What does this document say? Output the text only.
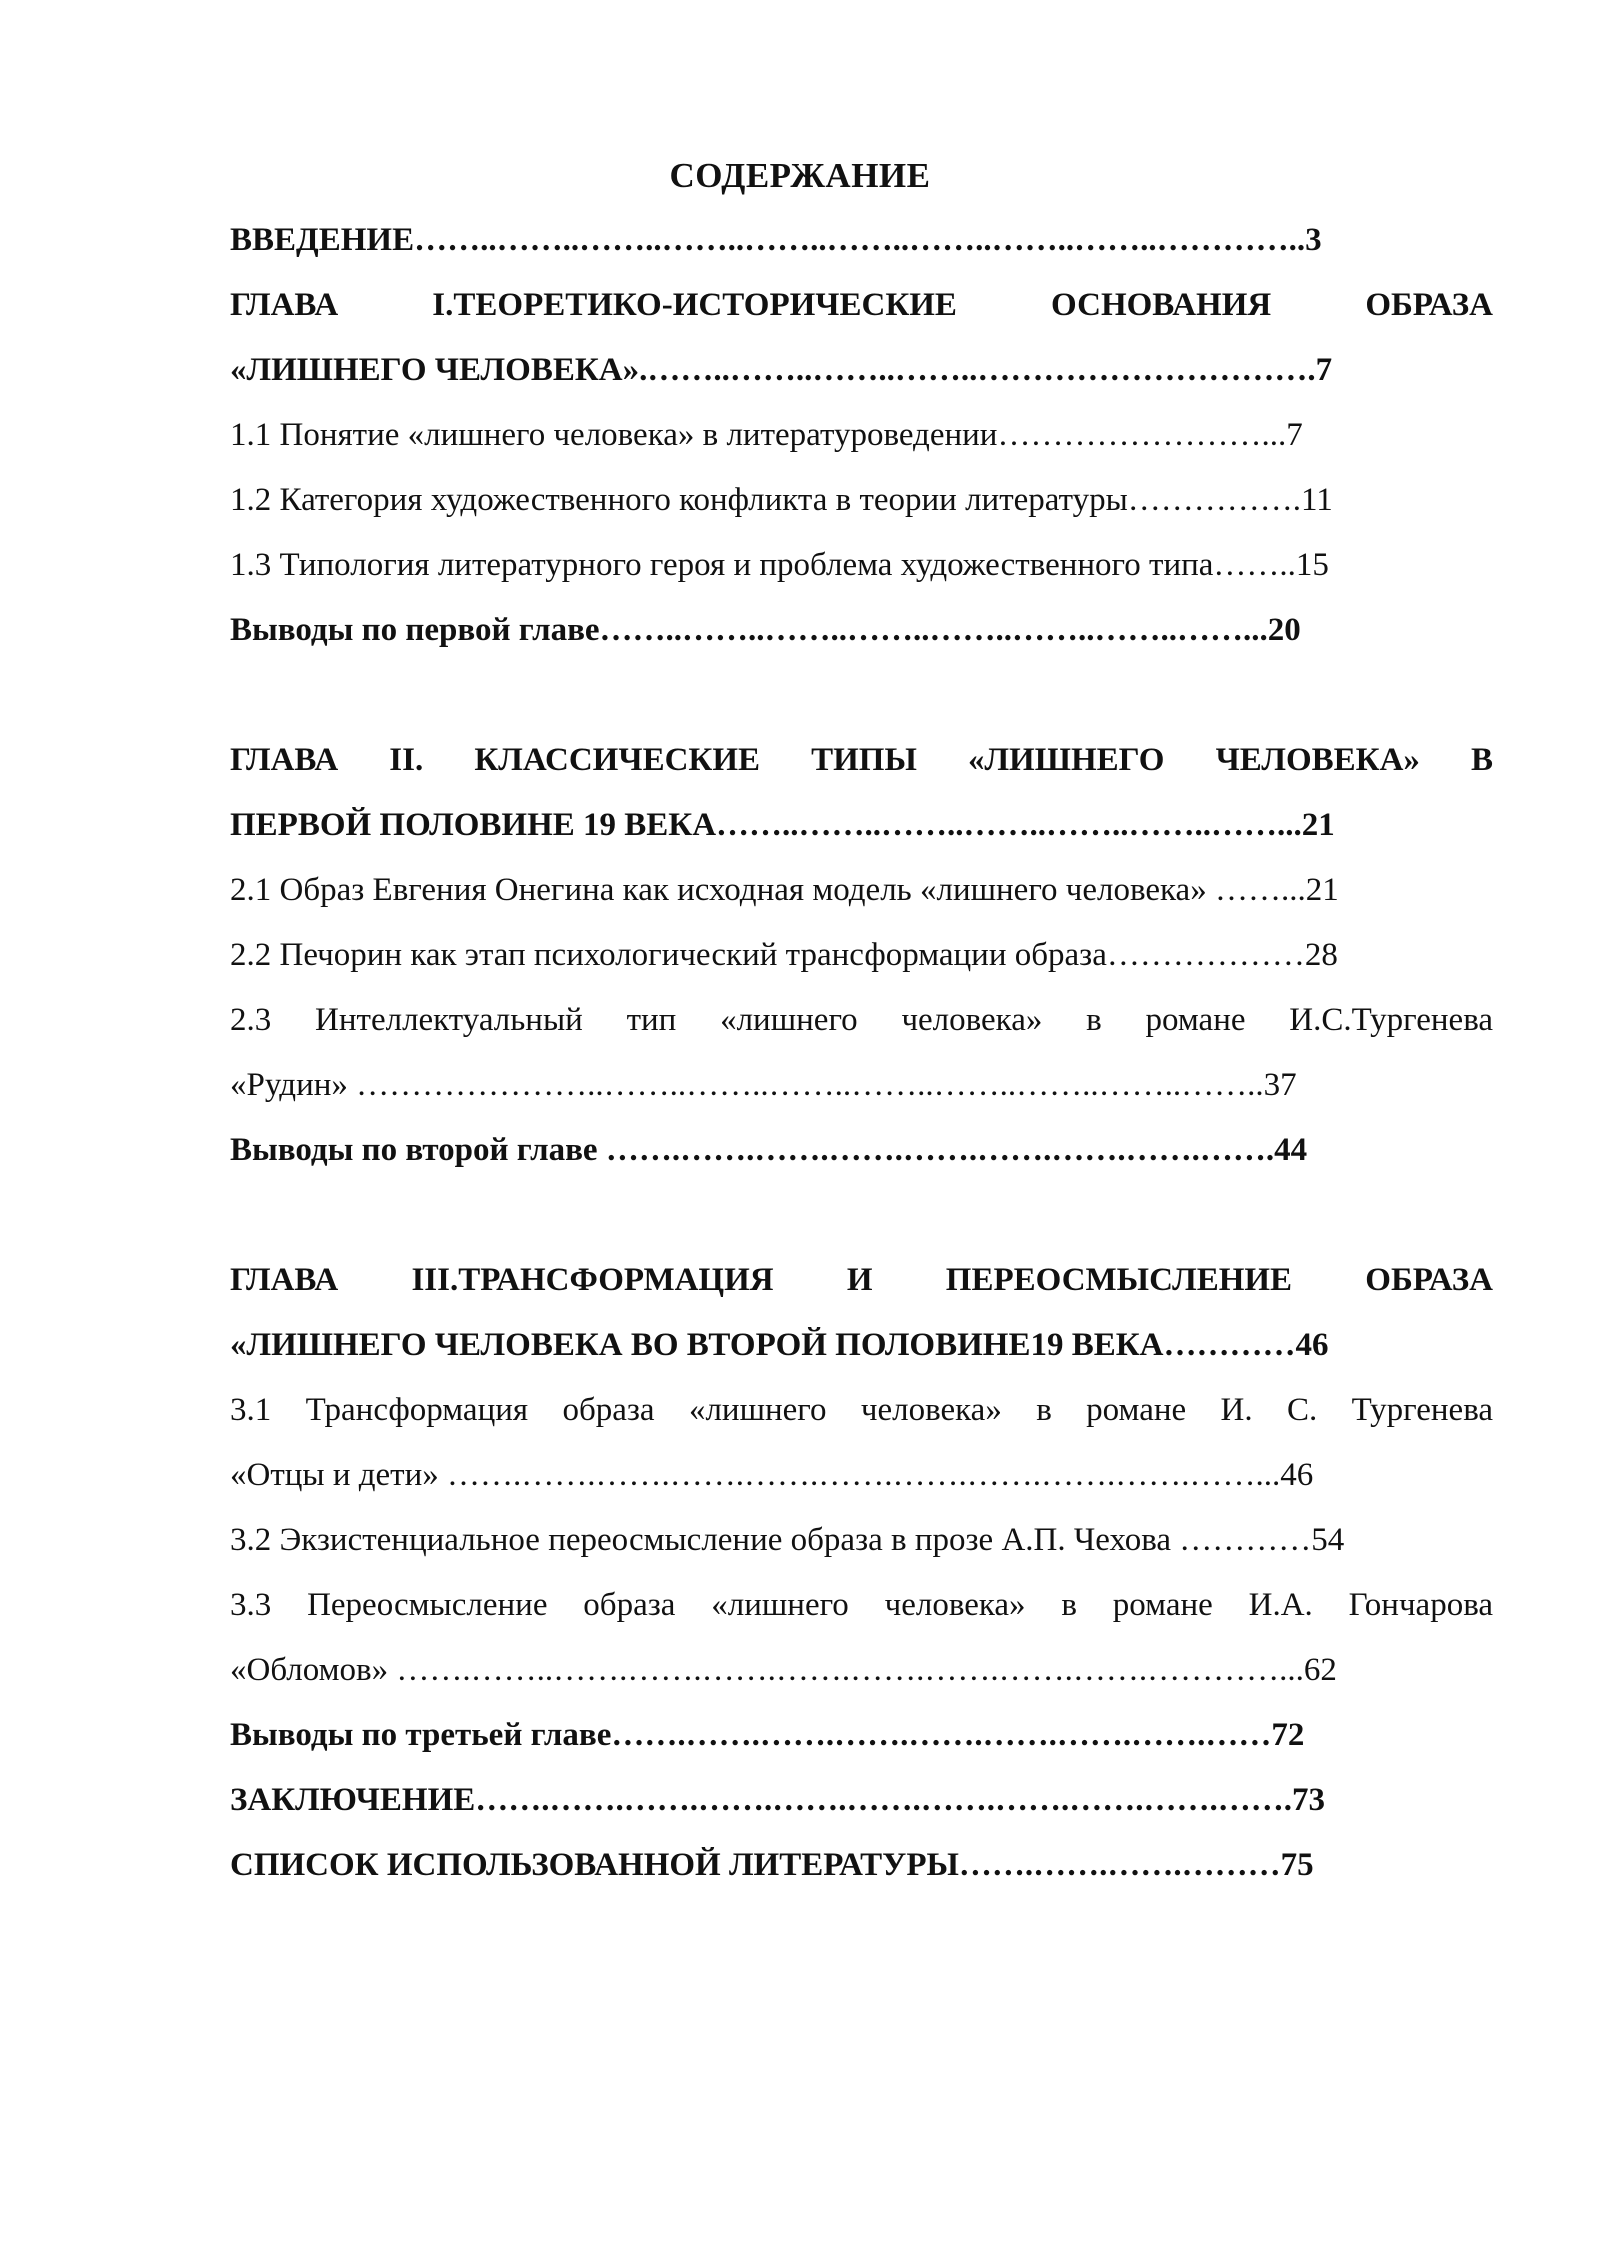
СОДЕРЖАНИЕ
ВВЕДЕНИЕ……..……..……..……..……..……..……..……..……..…………..3
ГЛАВА I.ТЕОРЕТИКО-ИСТОРИЧЕСКИЕ ОСНОВАНИЯ ОБРАЗА
«ЛИШНЕГО ЧЕЛОВЕКА».……..……..……..……..………………………….7
1.1 Понятие «лишнего человека» в литературоведении……………………...7
1.2 Категория художественного конфликта в теории литературы…………….11
1.3 Типология литературного героя и проблема художественного типа……..15
Выводы по первой главе……..……..……..……..……..……..……..……...20
ГЛАВА II. КЛАССИЧЕСКИЕ ТИПЫ «ЛИШНЕГО ЧЕЛОВЕКА» В
ПЕРВОЙ ПОЛОВИНЕ 19 ВЕКА……..……..……..……..……..……..……...21
2.1 Образ Евгения Онегина как исходная модель «лишнего человека» ……...21
2.2 Печорин как этап психологический трансформации образа………………28
2.3 Интеллектуальный тип «лишнего человека» в романе И.С.Тургенева
«Рудин» …………………..……..……..……..……..……..……..……..……..37
Выводы по второй главе …….…….…….…….…….…….…….…….…….44
ГЛАВА III.ТРАНСФОРМАЦИЯ И ПЕРЕОСМЫСЛЕНИЕ ОБРАЗА
«ЛИШНЕГО ЧЕЛОВЕКА ВО ВТОРОЙ ПОЛОВИНЕ19 ВЕКА…………46
3.1 Трансформация образа «лишнего человека» в романе И. С. Тургенева
«Отцы и дети» …….…….…….…….…….…….…….…….…….…….……...46
3.2 Экзистенциальное переосмысление образа в прозе А.П. Чехова …………54
3.3 Переосмысление образа «лишнего человека» в романе И.А. Гончарова
«Обломов» …….……..…….…….…….…….…….…….…….…….…………...62
Выводы по третьей главе…….…….…….…….…….…….…….…….……72
ЗАКЛЮЧЕНИЕ…….…….…….…….…….…….…….…….…….…….…….73
СПИСОК ИСПОЛЬЗОВАННОЙ ЛИТЕРАТУРЫ…….…….…….………75
